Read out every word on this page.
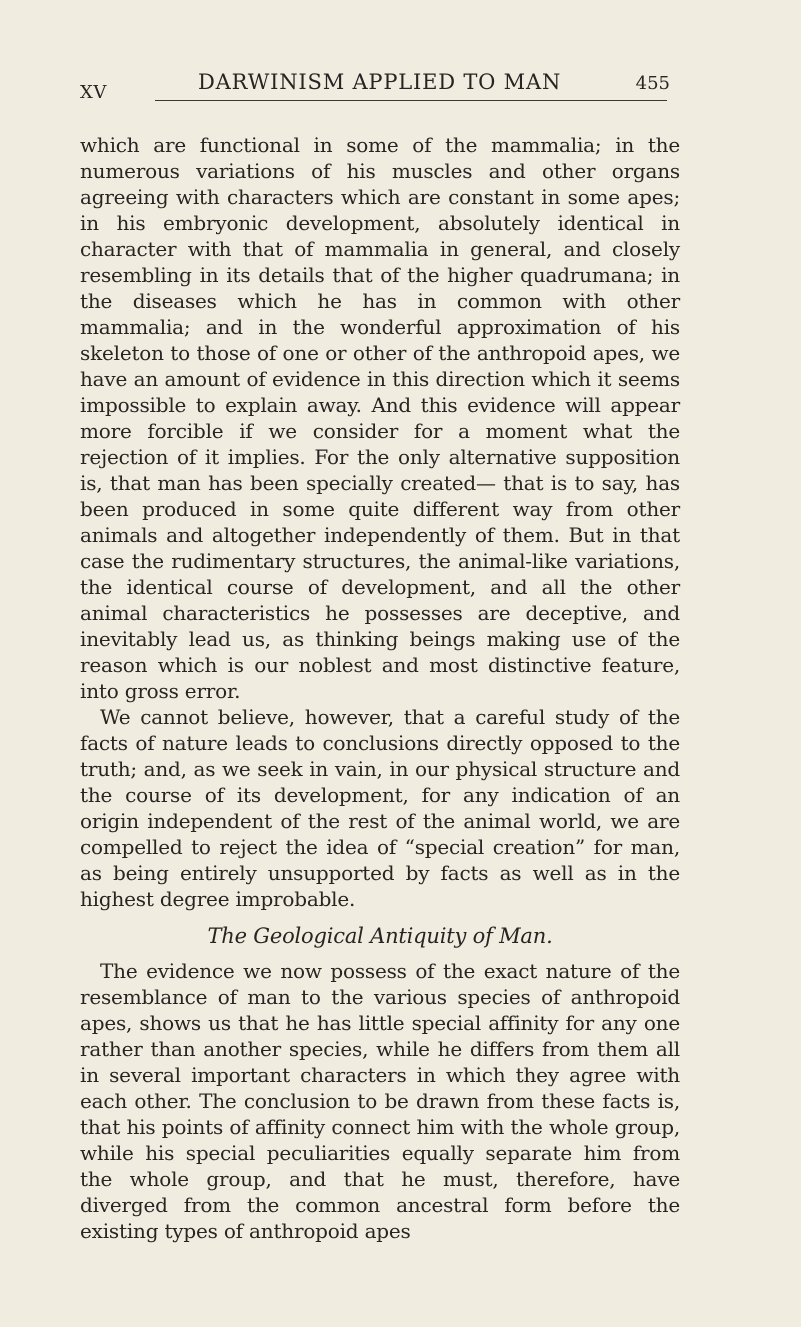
XV	DARWINISM APPLIED TO MAN	455

which are functional in some of the mammalia; in the numerous variations of his muscles and other organs agreeing with characters which are constant in some apes; in his embryonic development, absolutely identical in character with that of mammalia in general, and closely resembling in its details that of the higher quadrumana; in the diseases which he has in common with other mammalia; and in the wonderful approximation of his skeleton to those of one or other of the anthropoid apes, we have an amount of evidence in this direction which it seems impossible to explain away. And this evidence will appear more forcible if we consider for a moment what the rejection of it implies. For the only alternative supposition is, that man has been specially created— that is to say, has been produced in some quite different way from other animals and altogether independently of them. But in that case the rudimentary structures, the animal-like variations, the identical course of development, and all the other animal characteristics he possesses are deceptive, and inevitably lead us, as thinking beings making use of the reason which is our noblest and most distinctive feature, into gross error.

We cannot believe, however, that a careful study of the facts of nature leads to conclusions directly opposed to the truth; and, as we seek in vain, in our physical structure and the course of its development, for any indication of an origin independent of the rest of the animal world, we are compelled to reject the idea of “special creation” for man, as being entirely unsupported by facts as well as in the highest degree improbable.

The Geological Antiquity of Man.

The evidence we now possess of the exact nature of the resemblance of man to the various species of anthropoid apes, shows us that he has little special affinity for any one rather than another species, while he differs from them all in several important characters in which they agree with each other. The conclusion to be drawn from these facts is, that his points of affinity connect him with the whole group, while his special peculiarities equally separate him from the whole group, and that he must, therefore, have diverged from the common ancestral form before the existing types of anthropoid apes
